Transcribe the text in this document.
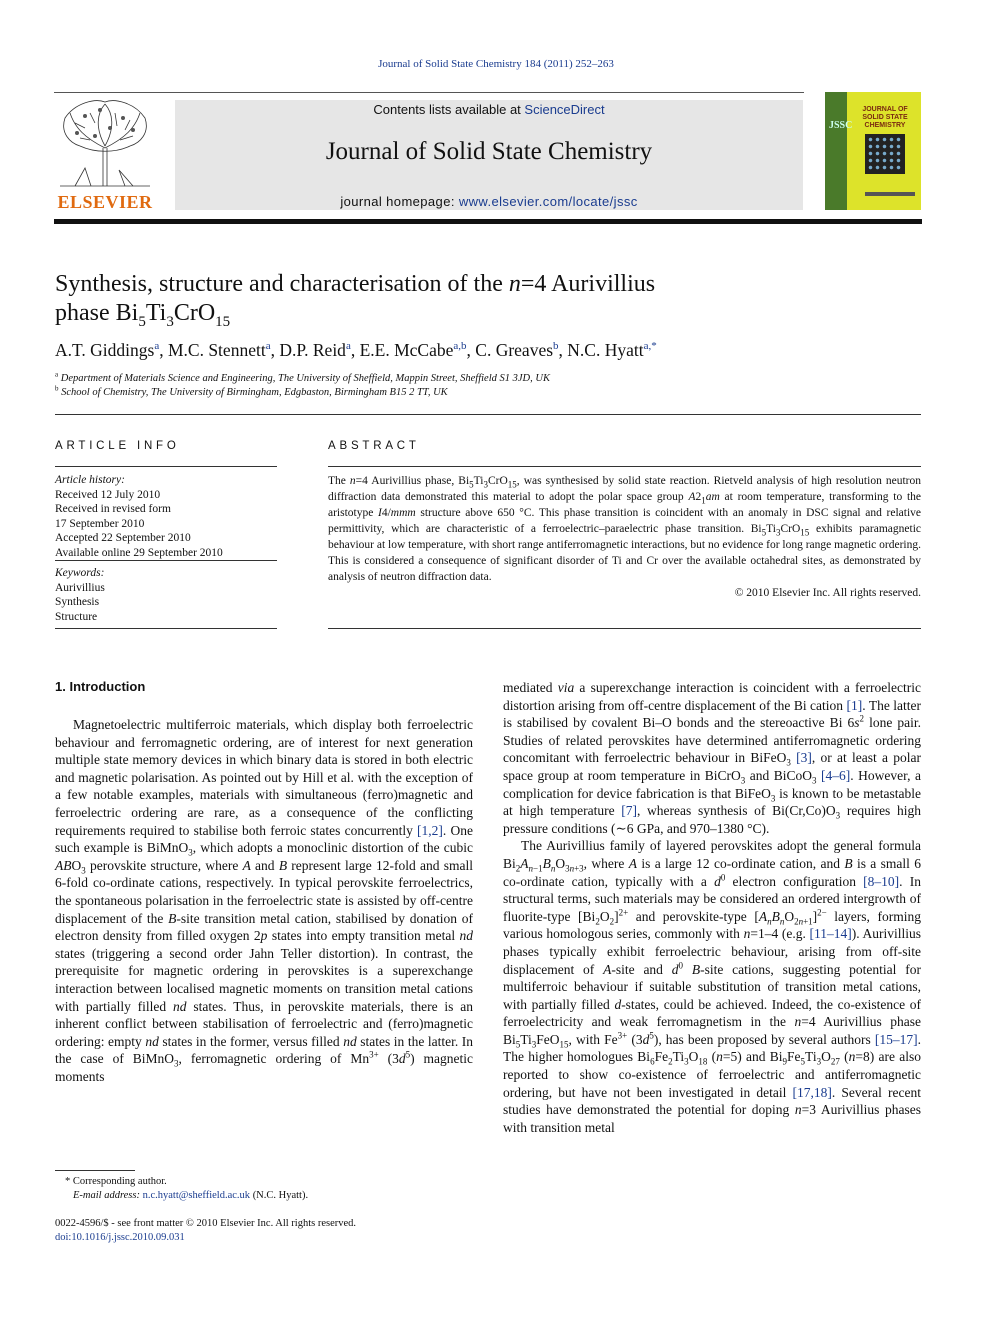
Journal of Solid State Chemistry 184 (2011) 252–263
Contents lists available at ScienceDirect
Journal of Solid State Chemistry
journal homepage: www.elsevier.com/locate/jssc
ELSEVIER
JSSC
JOURNAL OF SOLID STATE CHEMISTRY
Synthesis, structure and characterisation of the n=4 Aurivillius
phase $Bi_5Ti_3CrO_{15}$
A.T. Giddings$^a$, M.C. Stennett$^a$, D.P. Reid$^a$, E.E. McCabe$^{a,b}$, C. Greaves$^b$, N.C. Hyatt$^{a,*}$
$^a$ Department of Materials Science and Engineering, The University of Sheffield, Mappin Street, Sheffield S1 3JD, UK
$^b$ School of Chemistry, The University of Birmingham, Edgbaston, Birmingham B15 2 TT, UK
ARTICLE INFO
Article history:
Received 12 July 2010
Received in revised form
17 September 2010
Accepted 22 September 2010
Available online 29 September 2010
Keywords:
Aurivillius
Synthesis
Structure
ABSTRACT
The n=4 Aurivillius phase, $Bi_5Ti_3CrO_{15}$, was synthesised by solid state reaction. Rietveld analysis of high resolution neutron diffraction data demonstrated this material to adopt the polar space group $A2_1am$ at room temperature, transforming to the aristotype I4/mmm structure above 650 °C. This phase transition is coincident with an anomaly in DSC signal and relative permittivity, which are characteristic of a ferroelectric–paraelectric phase transition. $Bi_5Ti_3CrO_{15}$ exhibits paramagnetic behaviour at low temperature, with short range antiferromagnetic interactions, but no evidence for long range magnetic ordering. This is considered a consequence of significant disorder of Ti and Cr over the available octahedral sites, as demonstrated by analysis of neutron diffraction data.
© 2010 Elsevier Inc. All rights reserved.
1. Introduction

Magnetoelectric multiferroic materials, which display both ferroelectric behaviour and ferromagnetic ordering, are of interest for next generation multiple state memory devices in which binary data is stored in both electric and magnetic polarisation. As pointed out by Hill et al. with the exception of a few notable examples, materials with simultaneous (ferro)magnetic and ferroelectric ordering are rare, as a consequence of the conflicting requirements required to stabilise both ferroic states concurrently [1,2]. One such example is BiMnO$_3$, which adopts a monoclinic distortion of the cubic $ABO_3$ perovskite structure, where A and B represent large 12-fold and small 6-fold co-ordinate cations, respectively. In typical perovskite ferroelectrics, the spontaneous polarisation in the ferroelectric state is assisted by off-centre displacement of the B-site transition metal cation, stabilised by donation of electron density from filled oxygen 2p states into empty transition metal nd states (triggering a second order Jahn Teller distortion). In contrast, the prerequisite for magnetic ordering in perovskites is a superexchange interaction between localised magnetic moments on transition metal cations with partially filled nd states. Thus, in perovskite materials, there is an inherent conflict between stabilisation of ferroelectric and (ferro)magnetic ordering: empty nd states in the former, versus filled nd states in the latter. In the case of BiMnO$_3$, ferromagnetic ordering of $Mn^{3+}$ $(3d^5)$ magnetic moments

mediated via a superexchange interaction is coincident with a ferroelectric distortion arising from off-centre displacement of the Bi cation [1]. The latter is stabilised by covalent Bi–O bonds and the stereoactive Bi $6s^2$ lone pair. Studies of related perovskites have determined antiferromagnetic ordering concomitant with ferroelectric behaviour in BiFeO$_3$ [3], or at least a polar space group at room temperature in BiCrO$_3$ and BiCoO$_3$ [4–6]. However, a complication for device fabrication is that BiFeO$_3$ is known to be metastable at high temperature [7], whereas synthesis of $Bi(Cr,Co)O_3$ requires high pressure conditions (∼6 GPa, and 970–1380 °C).

The Aurivillius family of layered perovskites adopt the general formula $Bi_2A_{n-1}B_nO_{3n+3}$, where A is a large 12 co-ordinate cation, and B is a small 6 co-ordinate cation, typically with a $d^0$ electron configuration [8–10]. In structural terms, such materials may be considered an ordered intergrowth of fluorite-type $[Bi_2O_2]^{2+}$ and perovskite-type $[A_nB_nO_{2n+1}]^{2-}$ layers, forming various homologous series, commonly with n=1–4 (e.g. [11–14]). Aurivillius phases typically exhibit ferroelectric behaviour, arising from off-site displacement of A-site and $d^0$ B-site cations, suggesting potential for multiferroic behaviour if suitable substitution of transition metal cations, with partially filled d-states, could be achieved. Indeed, the co-existence of ferroelectricity and weak ferromagnetism in the n=4 Aurivillius phase $Bi_5Ti_3FeO_{15}$, with $Fe^{3+}$ $(3d^5)$, has been proposed by several authors [15–17]. The higher homologues $Bi_6Fe_2Ti_3O_{18}$ (n=5) and $Bi_9Fe_5Ti_3O_{27}$ (n=8) are also reported to show co-existence of ferroelectric and antiferromagnetic ordering, but have not been investigated in detail [17,18]. Several recent studies have demonstrated the potential for doping n=3 Aurivillius phases with transition metal

* Corresponding author.
E-mail address: n.c.hyatt@sheffield.ac.uk (N.C. Hyatt).
0022-4596/$ - see front matter © 2010 Elsevier Inc. All rights reserved.
doi:10.1016/j.jssc.2010.09.031
